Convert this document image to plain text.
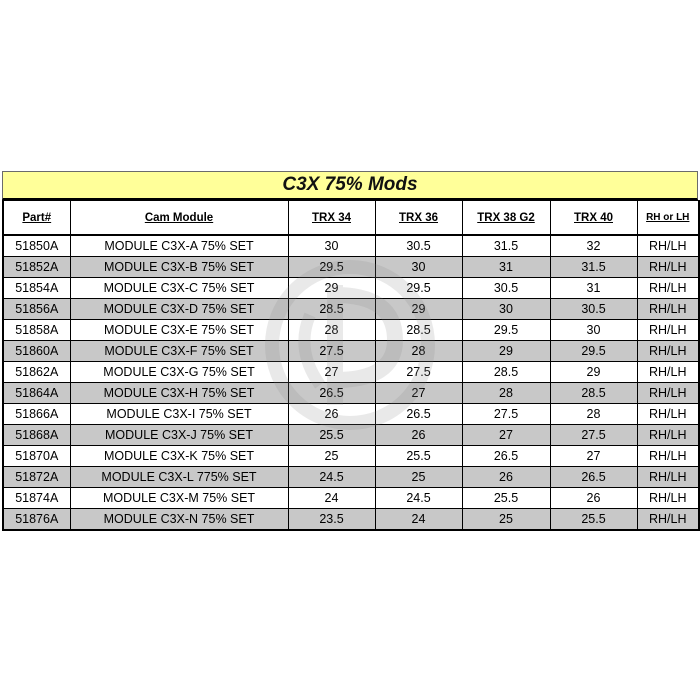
C3X 75% Mods
Part#	Cam Module	TRX 34	TRX 36	TRX 38 G2	TRX 40	RH or LH
51850A	MODULE C3X-A 75% SET	30	30.5	31.5	32	RH/LH
51852A	MODULE C3X-B 75% SET	29.5	30	31	31.5	RH/LH
51854A	MODULE C3X-C 75% SET	29	29.5	30.5	31	RH/LH
51856A	MODULE C3X-D 75% SET	28.5	29	30	30.5	RH/LH
51858A	MODULE C3X-E 75% SET	28	28.5	29.5	30	RH/LH
51860A	MODULE C3X-F 75% SET	27.5	28	29	29.5	RH/LH
51862A	MODULE C3X-G 75% SET	27	27.5	28.5	29	RH/LH
51864A	MODULE C3X-H 75% SET	26.5	27	28	28.5	RH/LH
51866A	MODULE C3X-I 75% SET	26	26.5	27.5	28	RH/LH
51868A	MODULE C3X-J 75% SET	25.5	26	27	27.5	RH/LH
51870A	MODULE C3X-K 75% SET	25	25.5	26.5	27	RH/LH
51872A	MODULE C3X-L 775% SET	24.5	25	26	26.5	RH/LH
51874A	MODULE C3X-M 75% SET	24	24.5	25.5	26	RH/LH
51876A	MODULE C3X-N 75% SET	23.5	24	25	25.5	RH/LH
